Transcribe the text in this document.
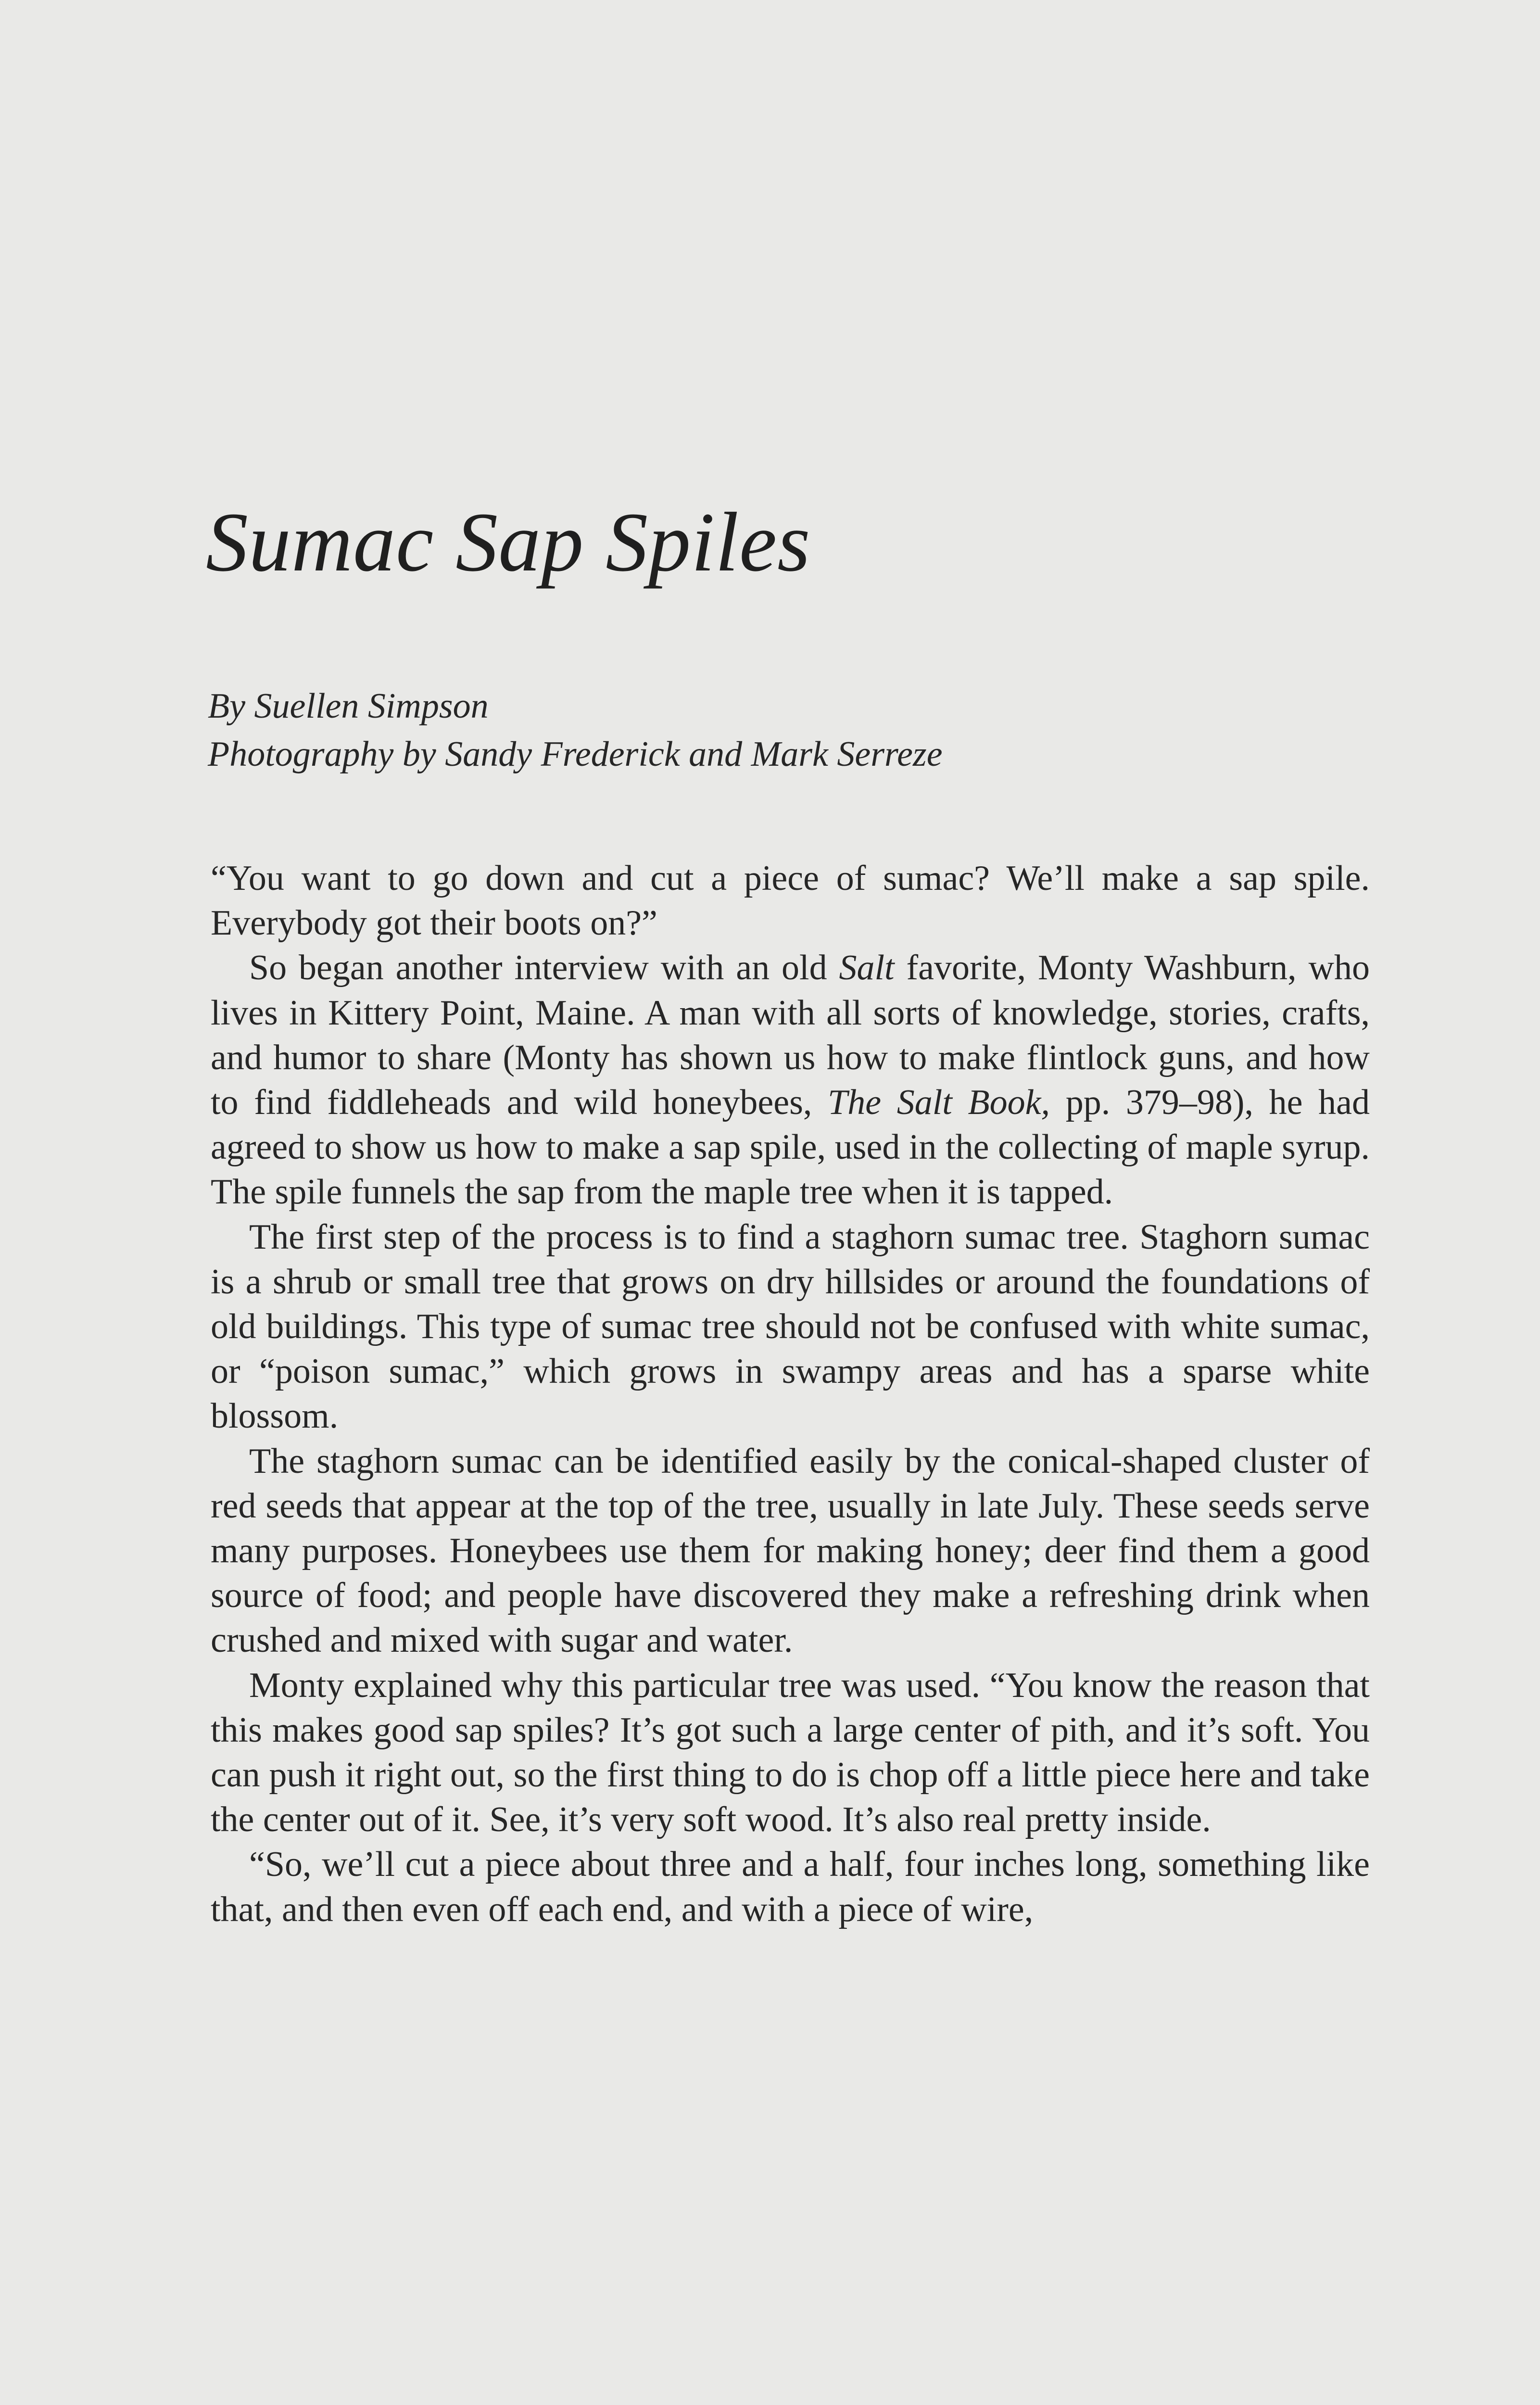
Sumac Sap Spiles
By Suellen Simpson
Photography by Sandy Frederick and Mark Serreze

“You want to go down and cut a piece of sumac? We’ll make a sap spile. Everybody got their boots on?”

So began another interview with an old Salt favorite, Monty Washburn, who lives in Kittery Point, Maine. A man with all sorts of knowledge, stories, crafts, and humor to share (Monty has shown us how to make flintlock guns, and how to find fiddleheads and wild honeybees, The Salt Book, pp. 379–98), he had agreed to show us how to make a sap spile, used in the collecting of maple syrup. The spile funnels the sap from the maple tree when it is tapped.

The first step of the process is to find a staghorn sumac tree. Staghorn sumac is a shrub or small tree that grows on dry hillsides or around the foundations of old buildings. This type of sumac tree should not be confused with white sumac, or “poison sumac,” which grows in swampy areas and has a sparse white blossom.

The staghorn sumac can be identified easily by the conical-shaped cluster of red seeds that appear at the top of the tree, usually in late July. These seeds serve many purposes. Honeybees use them for making honey; deer find them a good source of food; and people have discovered they make a refreshing drink when crushed and mixed with sugar and water.

Monty explained why this particular tree was used. “You know the reason that this makes good sap spiles? It’s got such a large center of pith, and it’s soft. You can push it right out, so the first thing to do is chop off a little piece here and take the center out of it. See, it’s very soft wood. It’s also real pretty inside.

“So, we’ll cut a piece about three and a half, four inches long, something like that, and then even off each end, and with a piece of wire,
